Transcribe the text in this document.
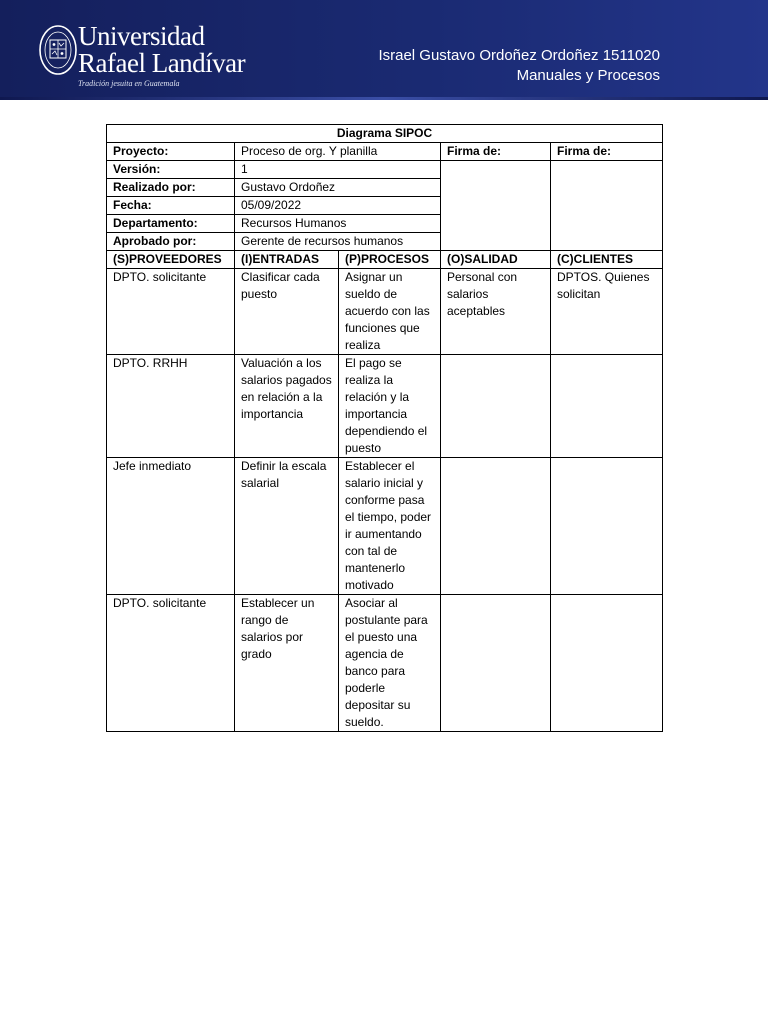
Universidad
Rafael Landívar
Tradición jesuita en Guatemala
Israel Gustavo Ordoñez Ordoñez 1511020
Manuales y Procesos
Diagrama SIPOC				
Proyecto:	Proceso de org. Y planilla		Firma de:	Firma de:
Versión:	1			
Realizado por:	Gustavo Ordoñez			
Fecha:	05/09/2022			
Departamento:	Recursos Humanos			
Aprobado por:	Gerente de recursos humanos			
(S)PROVEEDORES	(I)ENTRADAS	(P)PROCESOS	(O)SALIDAD	(C)CLIENTES
DPTO. solicitante	Clasificar cada puesto	Asignar un sueldo de acuerdo con las funciones que realiza	Personal con salarios aceptables	DPTOS. Quienes solicitan
DPTO. RRHH	Valuación a los salarios pagados en relación a la importancia	El pago se realiza la relación y la importancia dependiendo el puesto		
Jefe inmediato	Definir la escala salarial	Establecer el salario inicial y conforme pasa el tiempo, poder ir aumentando con tal de mantenerlo motivado		
DPTO. solicitante	Establecer un rango de salarios por grado	Asociar al postulante para el puesto una agencia de banco para poderle depositar su sueldo.		
